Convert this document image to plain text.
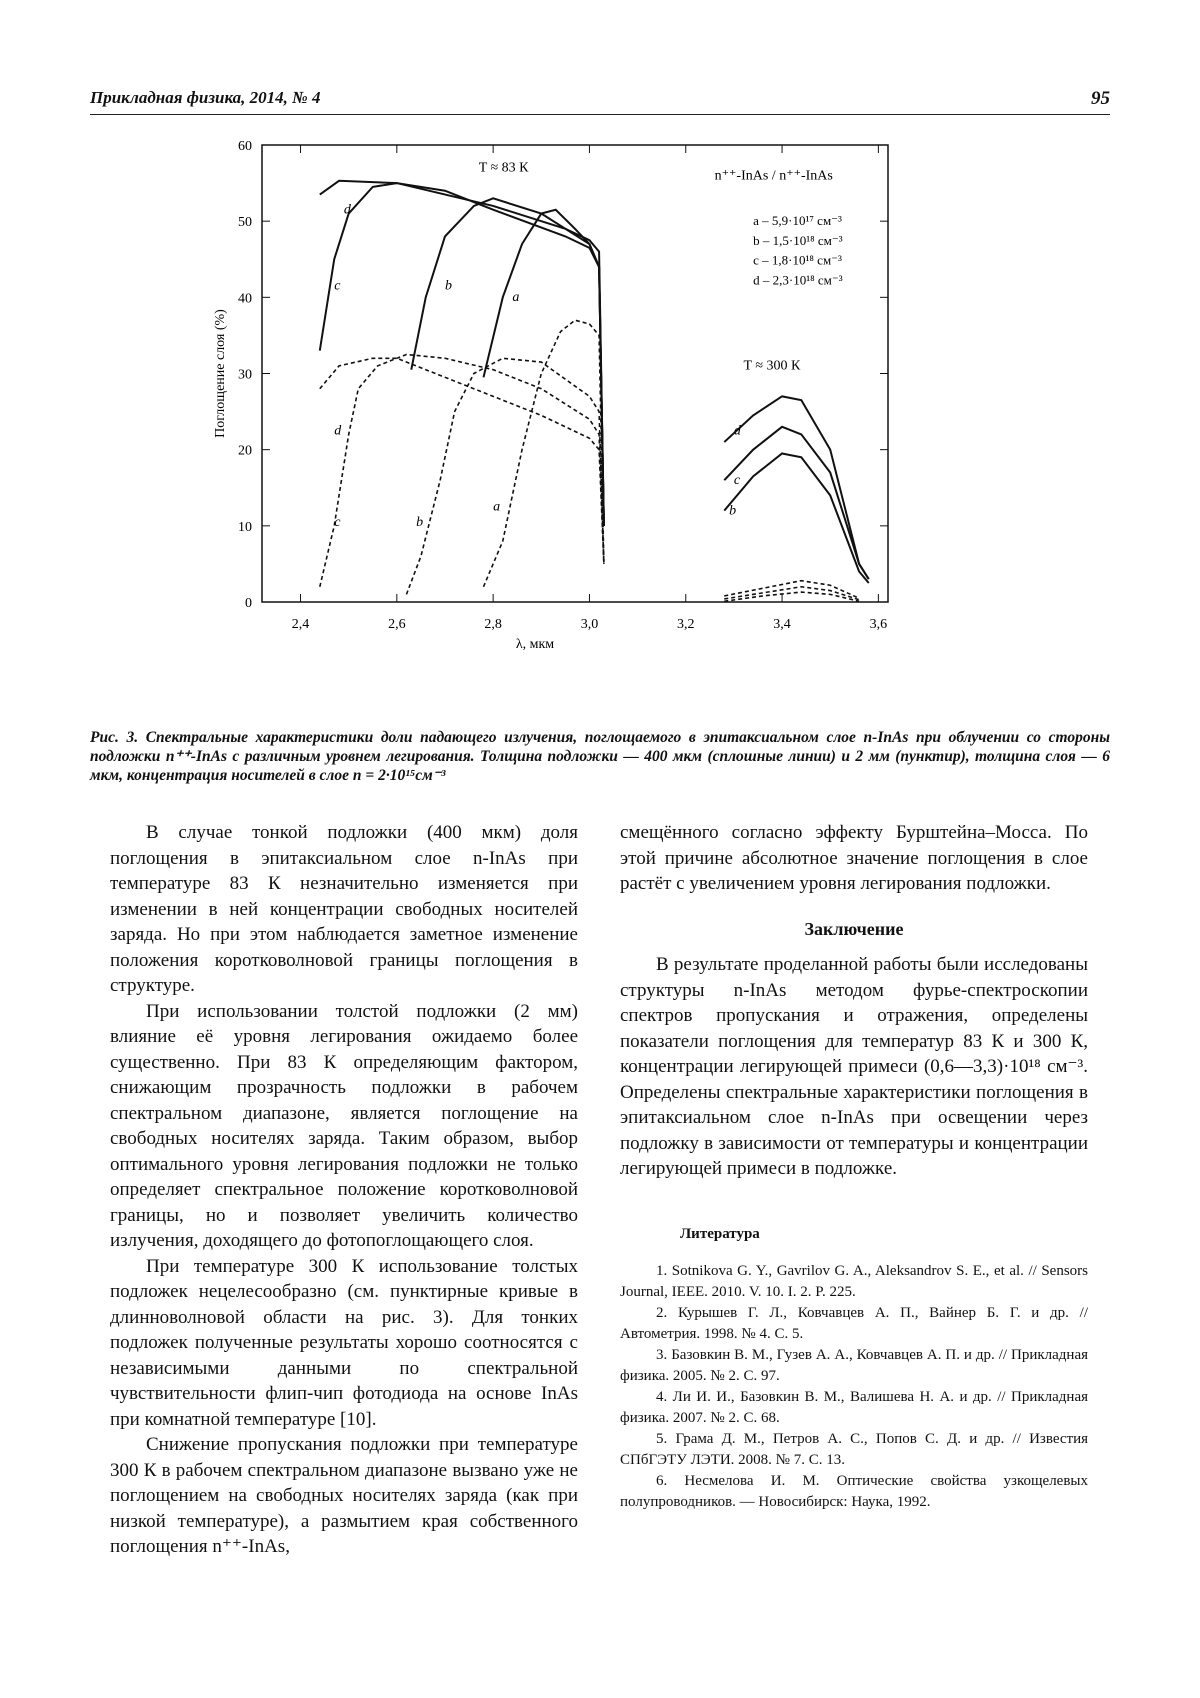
Прикладная физика, 2014, № 4	95
2,4	2,6	2,8	3,0	3,2	3,4	3,6
0
10
20
30
40
50
60
λ, мкм
Поглощение слоя (%)
d
c	b
a
d
c	b
a
d
c
b
T ≈ 83 К
n⁺⁺-InAs / n⁺⁺-InAs
T ≈ 300 К
a – 5,9·10¹⁷ см⁻³
b – 1,5·10¹⁸ см⁻³
c – 1,8·10¹⁸ см⁻³
d – 2,3·10¹⁸ см⁻³
Рис. 3. Спектральные характеристики доли падающего излучения, поглощаемого в эпитаксиальном слое n-InAs при облучении со стороны подложки n⁺⁺-InAs с различным уровнем легирования. Толщина подложки — 400 мкм (сплошные линии) и 2 мм (пунктир), толщина слоя — 6 мкм, концентрация носителей в слое n = 2·10¹⁵см⁻³

В случае тонкой подложки (400 мкм) доля поглощения в эпитаксиальном слое n-InAs при температуре 83 К незначительно изменяется при изменении в ней концентрации свободных носителей заряда. Но при этом наблюдается заметное изменение положения коротковолновой границы поглощения в структуре.

При использовании толстой подложки (2 мм) влияние её уровня легирования ожидаемо более существенно. При 83 К определяющим фактором, снижающим прозрачность подложки в рабочем спектральном диапазоне, является поглощение на свободных носителях заряда. Таким образом, выбор оптимального уровня легирования подложки не только определяет спектральное положение коротковолновой границы, но и позволяет увеличить количество излучения, доходящего до фотопоглощающего слоя.

При температуре 300 К использование толстых подложек нецелесообразно (см. пунктирные кривые в длинноволновой области на рис. 3). Для тонких подложек полученные результаты хорошо соотносятся с независимыми данными по спектральной чувствительности флип-чип фотодиода на основе InAs при комнатной температуре [10].

Снижение пропускания подложки при температуре 300 К в рабочем спектральном диапазоне вызвано уже не поглощением на свободных носителях заряда (как при низкой температуре), а размытием края собственного поглощения n⁺⁺-InAs,

смещённого согласно эффекту Бурштейна–Мосса. По этой причине абсолютное значение поглощения в слое растёт с увеличением уровня легирования подложки.

Заключение

В результате проделанной работы были исследованы структуры n-InAs методом фурье-спектроскопии спектров пропускания и отражения, определены показатели поглощения для температур 83 К и 300 К, концентрации легирующей примеси (0,6—3,3)·10¹⁸ см⁻³. Определены спектральные характеристики поглощения в эпитаксиальном слое n-InAs при освещении через подложку в зависимости от температуры и концентрации легирующей примеси в подложке.

Литература

1. Sotnikova G. Y., Gavrilov G. A., Aleksandrov S. E., et al. // Sensors Journal, IEEE. 2010. V. 10. I. 2. P. 225.

2. Курышев Г. Л., Ковчавцев А. П., Вайнер Б. Г. и др. // Автометрия. 1998. № 4. С. 5.

3. Базовкин В. М., Гузев А. А., Ковчавцев А. П. и др. // Прикладная физика. 2005. № 2. С. 97.

4. Ли И. И., Базовкин В. М., Валишева Н. А. и др. // Прикладная физика. 2007. № 2. С. 68.

5. Грама Д. М., Петров А. С., Попов С. Д. и др. // Известия СПбГЭТУ ЛЭТИ. 2008. № 7. С. 13.

6. Несмелова И. М. Оптические свойства узкощелевых полупроводников. — Новосибирск: Наука, 1992.
